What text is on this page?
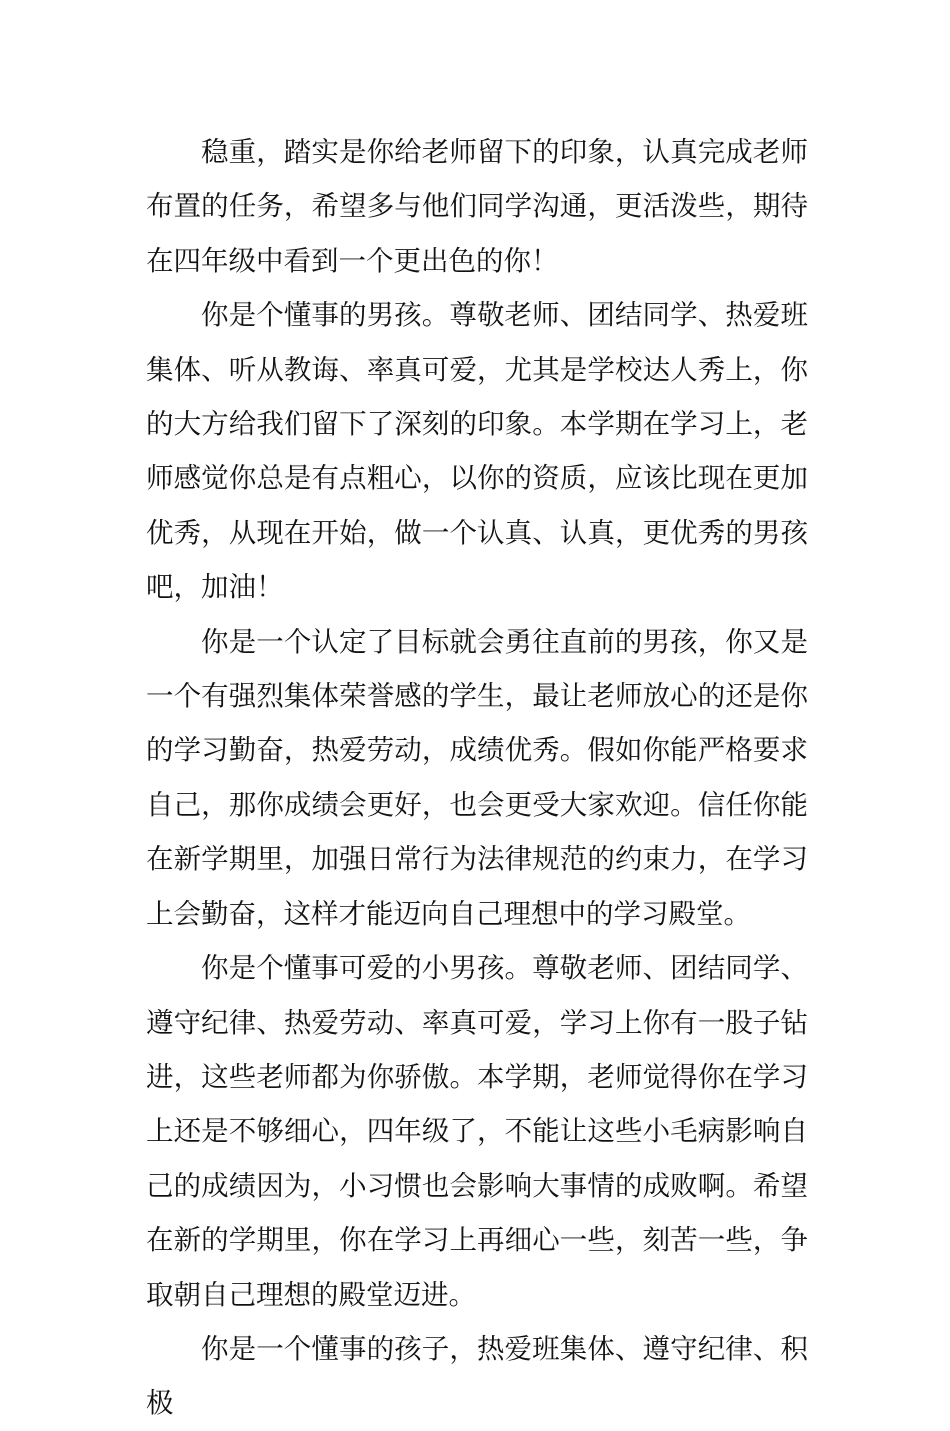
稳重，踏实是你给老师留下的印象，认真完成老师布置的任务，希望多与他们同学沟通，更活泼些，期待在四年级中看到一个更出色的你！

你是个懂事的男孩。尊敬老师、团结同学、热爱班集体、听从教诲、率真可爱，尤其是学校达人秀上，你的大方给我们留下了深刻的印象。本学期在学习上，老师感觉你总是有点粗心，以你的资质，应该比现在更加优秀，从现在开始，做一个认真、认真，更优秀的男孩吧，加油！

你是一个认定了目标就会勇往直前的男孩，你又是一个有强烈集体荣誉感的学生，最让老师放心的还是你的学习勤奋，热爱劳动，成绩优秀。假如你能严格要求自己，那你成绩会更好，也会更受大家欢迎。信任你能在新学期里，加强日常行为法律规范的约束力，在学习上会勤奋，这样才能迈向自己理想中的学习殿堂。

你是个懂事可爱的小男孩。尊敬老师、团结同学、遵守纪律、热爱劳动、率真可爱，学习上你有一股子钻进，这些老师都为你骄傲。本学期，老师觉得你在学习上还是不够细心，四年级了，不能让这些小毛病影响自己的成绩因为，小习惯也会影响大事情的成败啊。希望在新的学期里，你在学习上再细心一些，刻苦一些，争取朝自己理想的殿堂迈进。

你是一个懂事的孩子，热爱班集体、遵守纪律、积极
